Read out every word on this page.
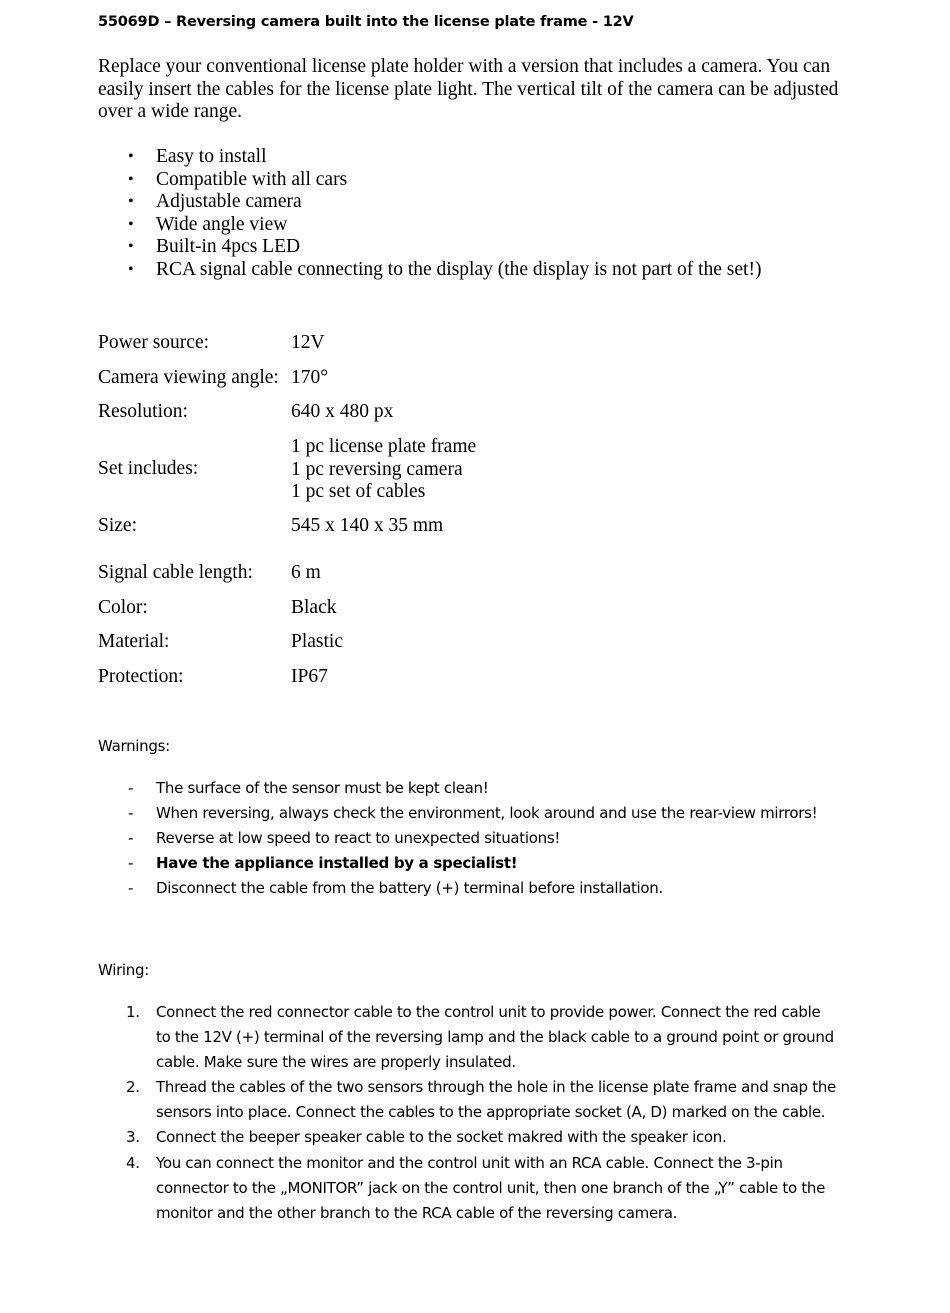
55069D – Reversing camera built into the license plate frame - 12V
Replace your conventional license plate holder with a version that includes a camera. You can easily insert the cables for the license plate light. The vertical tilt of the camera can be adjusted over a wide range.
• Easy to install
• Compatible with all cars
• Adjustable camera
• Wide angle view
• Built-in 4pcs LED
• RCA signal cable connecting to the display (the display is not part of the set!)
Power source:	12V
Camera viewing angle: 170°
Resolution:	640 x 480 px
Set includes:
1 pc license plate frame
1 pc reversing camera
1 pc set of cables
Size:	545 x 140 x 35 mm
Signal cable length: 6 m
Color:	Black
Material:	Plastic
Protection:	IP67
Warnings:
- The surface of the sensor must be kept clean!
- When reversing, always check the environment, look around and use the rear-view mirrors!
- Reverse at low speed to react to unexpected situations!
- Have the appliance installed by a specialist!
- Disconnect the cable from the battery (+) terminal before installation.
Wiring:
1. Connect the red connector cable to the control unit to provide power. Connect the red cable to the 12V (+) terminal of the reversing lamp and the black cable to a ground point or ground cable. Make sure the wires are properly insulated.
2. Thread the cables of the two sensors through the hole in the license plate frame and snap the sensors into place. Connect the cables to the appropriate socket (A, D) marked on the cable.
3. Connect the beeper speaker cable to the socket makred with the speaker icon.
4. You can connect the monitor and the control unit with an RCA cable. Connect the 3-pin connector to the „MONITOR” jack on the control unit, then one branch of the „Y” cable to the monitor and the other branch to the RCA cable of the reversing camera.
